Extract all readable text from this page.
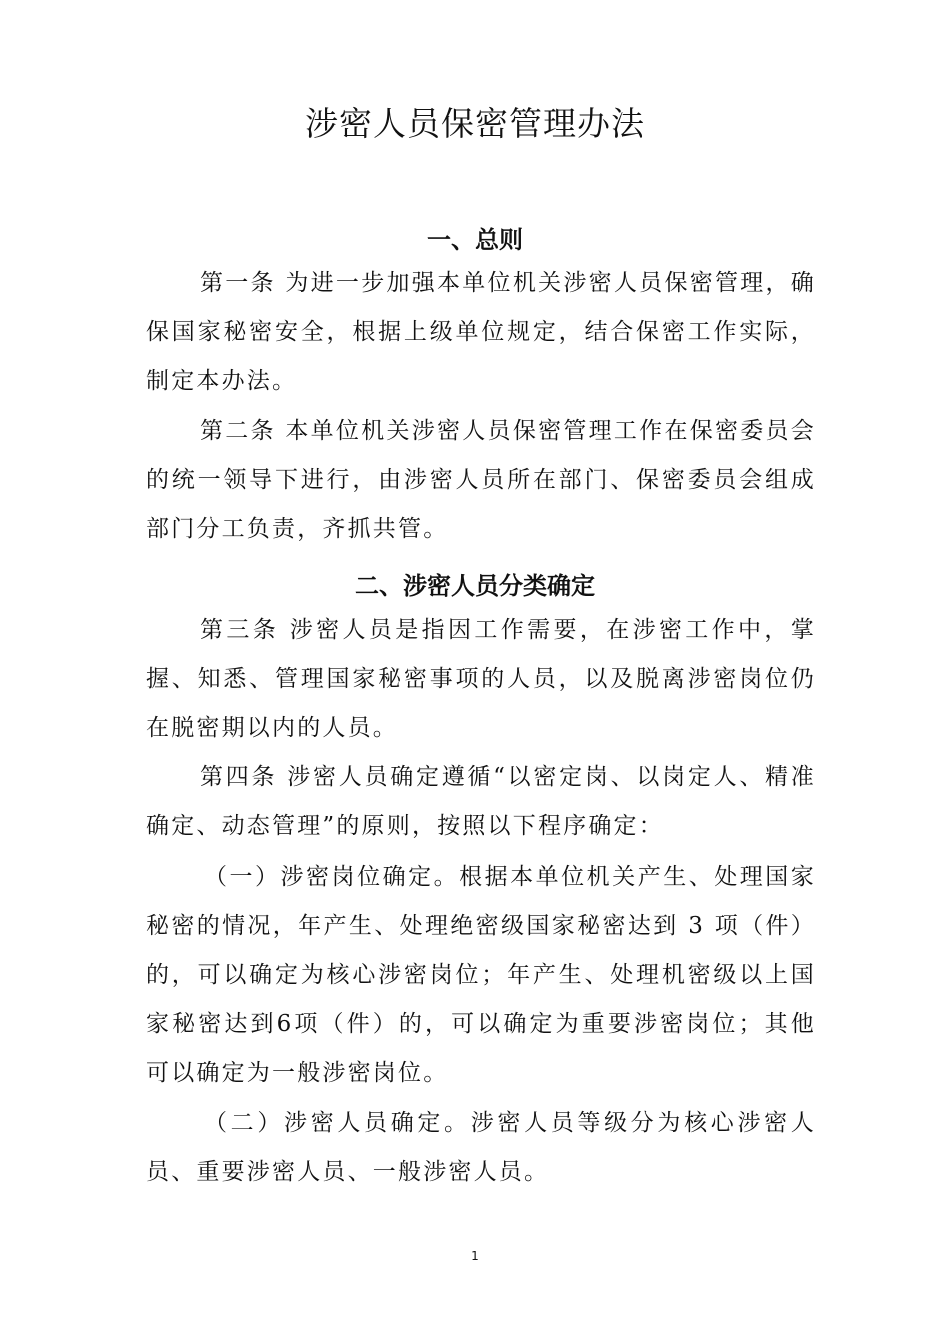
涉密人员保密管理办法
一、总则

第一条 为进一步加强本单位机关涉密人员保密管理，确保国家秘密安全，根据上级单位规定，结合保密工作实际，制定本办法。

第二条 本单位机关涉密人员保密管理工作在保密委员会的统一领导下进行，由涉密人员所在部门、保密委员会组成部门分工负责，齐抓共管。

二、涉密人员分类确定

第三条 涉密人员是指因工作需要，在涉密工作中，掌握、知悉、管理国家秘密事项的人员，以及脱离涉密岗位仍在脱密期以内的人员。

第四条 涉密人员确定遵循“以密定岗、以岗定人、精准确定、动态管理”的原则，按照以下程序确定：

（一）涉密岗位确定。根据本单位机关产生、处理国家秘密的情况，年产生、处理绝密级国家秘密达到 3 项（件）的，可以确定为核心涉密岗位；年产生、处理机密级以上国家秘密达到6项（件）的，可以确定为重要涉密岗位；其他可以确定为一般涉密岗位。

（二）涉密人员确定。涉密人员等级分为核心涉密人员、重要涉密人员、一般涉密人员。

1
